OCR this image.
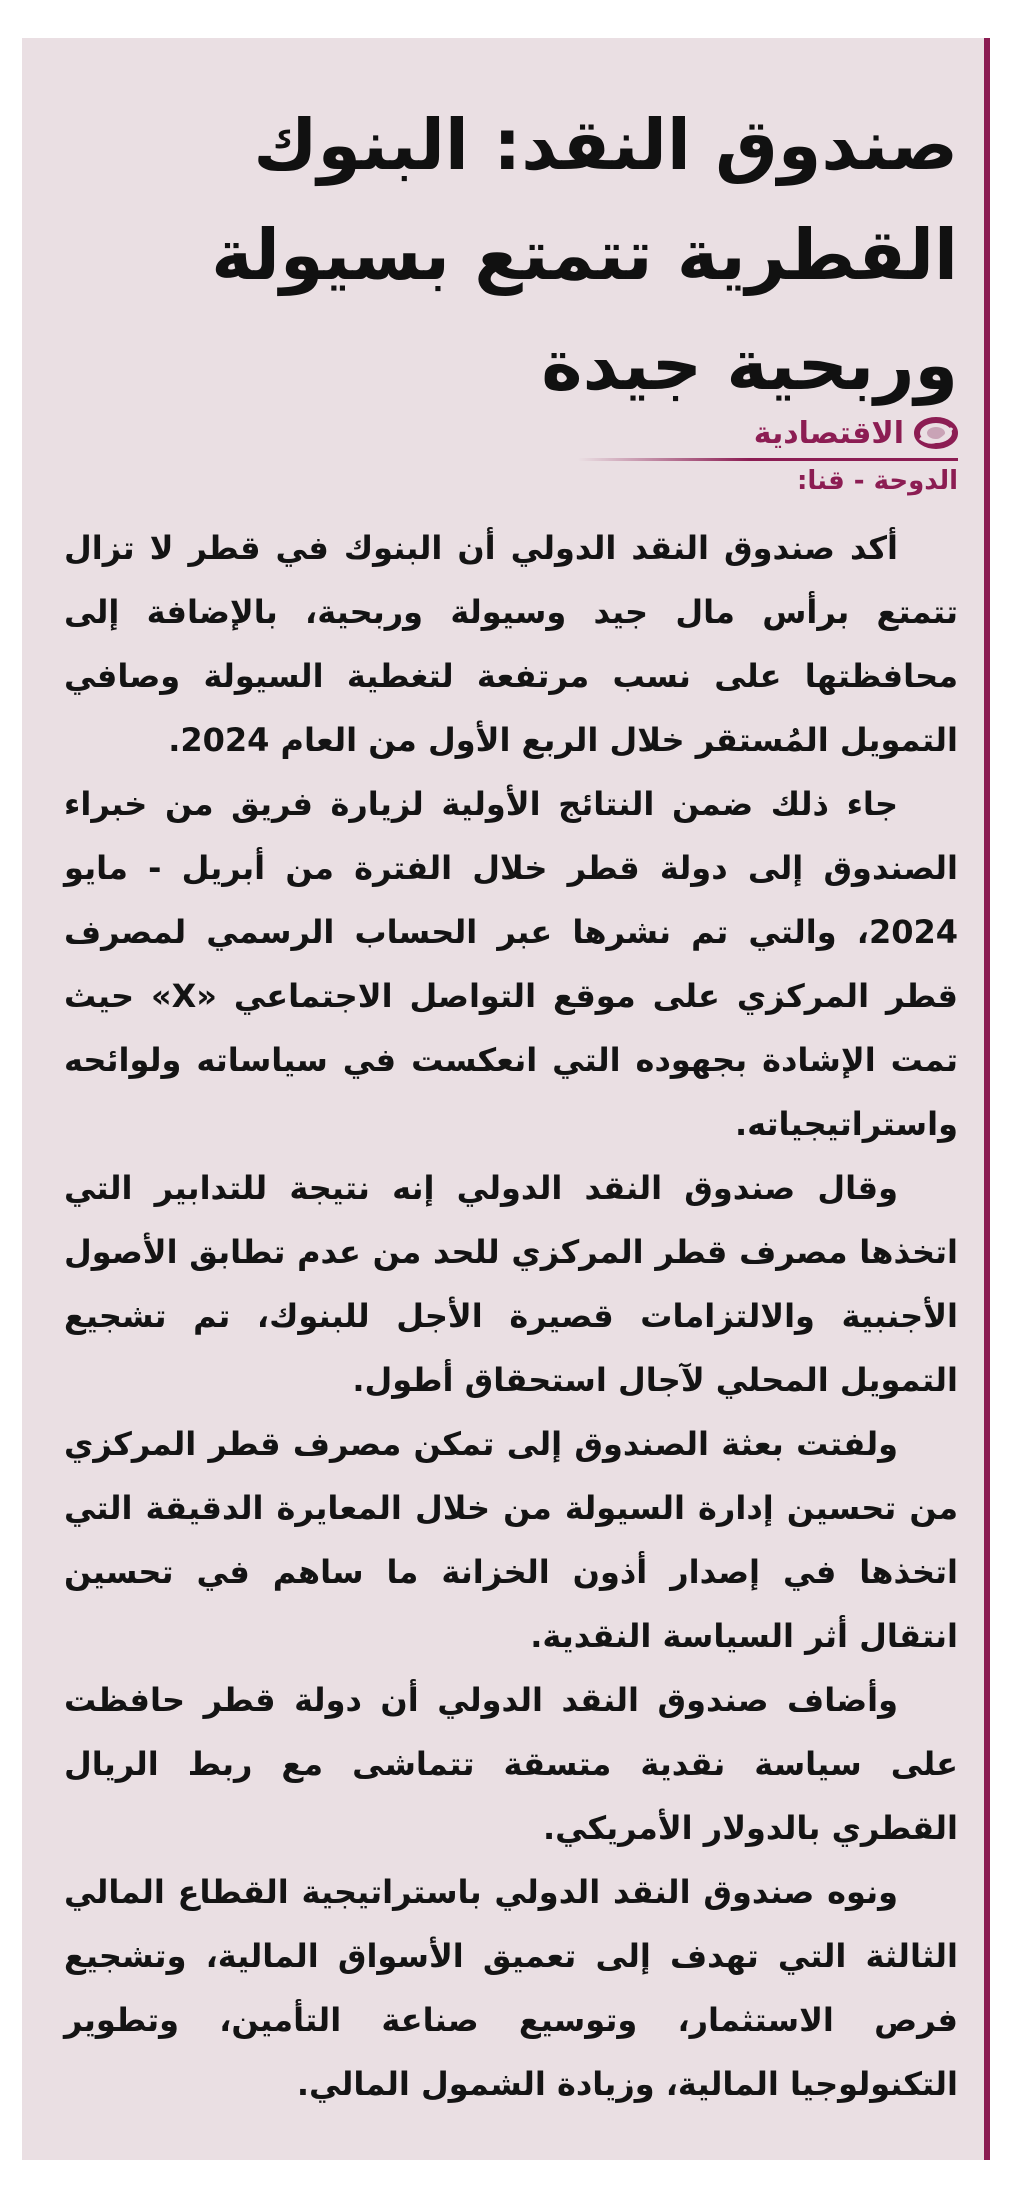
صندوق النقد: البنوك القطرية تتمتع بسيولة وربحية جيدة
الاقتصادية
الدوحة - قنا:

أكد صندوق النقد الدولي أن البنوك في قطر لا تزال تتمتع برأس مال جيد وسيولة وربحية، بالإضافة إلى محافظتها على نسب مرتفعة لتغطية السيولة وصافي التمويل المُستقر خلال الربع الأول من العام 2024.

جاء ذلك ضمن النتائج الأولية لزيارة فريق من خبراء الصندوق إلى دولة قطر خلال الفترة من أبريل - مايو 2024، والتي تم نشرها عبر الحساب الرسمي لمصرف قطر المركزي على موقع التواصل الاجتماعي «X» حيث تمت الإشادة بجهوده التي انعكست في سياساته ولوائحه واستراتيجياته.

وقال صندوق النقد الدولي إنه نتيجة للتدابير التي اتخذها مصرف قطر المركزي للحد من عدم تطابق الأصول الأجنبية والالتزامات قصيرة الأجل للبنوك، تم تشجيع التمويل المحلي لآجال استحقاق أطول.

ولفتت بعثة الصندوق إلى تمكن مصرف قطر المركزي من تحسين إدارة السيولة من خلال المعايرة الدقيقة التي اتخذها في إصدار أذون الخزانة ما ساهم في تحسين انتقال أثر السياسة النقدية.

وأضاف صندوق النقد الدولي أن دولة قطر حافظت على سياسة نقدية متسقة تتماشى مع ربط الريال القطري بالدولار الأمريكي.

ونوه صندوق النقد الدولي باستراتيجية القطاع المالي الثالثة التي تهدف إلى تعميق الأسواق المالية، وتشجيع فرص الاستثمار، وتوسيع صناعة التأمين، وتطوير التكنولوجيا المالية، وزيادة الشمول المالي.
